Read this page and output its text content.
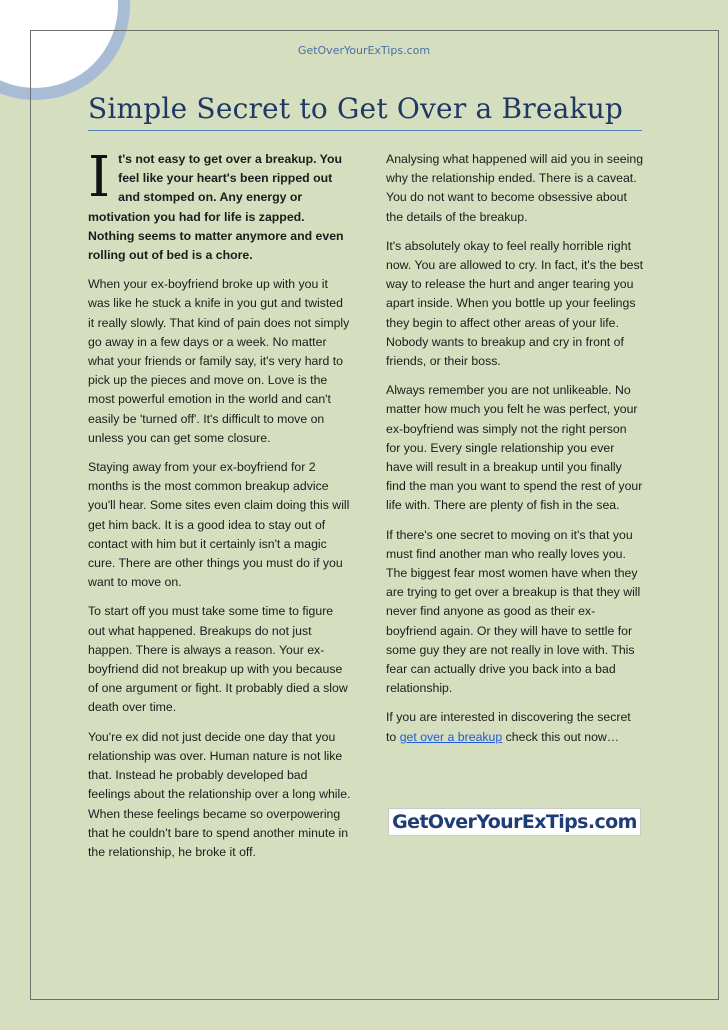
GetOverYourExTips.com
Simple Secret to Get Over a Breakup

I t's not easy to get over a breakup. You feel like your heart's been ripped out and stomped on. Any energy or motivation you had for life is zapped. Nothing seems to matter anymore and even rolling out of bed is a chore.

When your ex-boyfriend broke up with you it was like he stuck a knife in you gut and twisted it really slowly. That kind of pain does not simply go away in a few days or a week. No matter what your friends or family say, it's very hard to pick up the pieces and move on. Love is the most powerful emotion in the world and can't easily be 'turned off'. It's difficult to move on unless you can get some closure.

Staying away from your ex-boyfriend for 2 months is the most common breakup advice you'll hear. Some sites even claim doing this will get him back. It is a good idea to stay out of contact with him but it certainly isn't a magic cure. There are other things you must do if you want to move on.

To start off you must take some time to figure out what happened. Breakups do not just happen. There is always a reason. Your ex-boyfriend did not breakup up with you because of one argument or fight. It probably died a slow death over time.

You're ex did not just decide one day that you relationship was over. Human nature is not like that. Instead he probably developed bad feelings about the relationship over a long while. When these feelings became so overpowering that he couldn't bare to spend another minute in the relationship, he broke it off.

Analysing what happened will aid you in seeing why the relationship ended. There is a caveat. You do not want to become obsessive about the details of the breakup.

It's absolutely okay to feel really horrible right now. You are allowed to cry. In fact, it's the best way to release the hurt and anger tearing you apart inside. When you bottle up your feelings they begin to affect other areas of your life. Nobody wants to breakup and cry in front of friends, or their boss.

Always remember you are not unlikeable. No matter how much you felt he was perfect, your ex-boyfriend was simply not the right person for you. Every single relationship you ever have will result in a breakup until you finally find the man you want to spend the rest of your life with. There are plenty of fish in the sea.

If there's one secret to moving on it's that you must find another man who really loves you. The biggest fear most women have when they are trying to get over a breakup is that they will never find anyone as good as their ex-boyfriend again. Or they will have to settle for some guy they are not really in love with. This fear can actually drive you back into a bad relationship.

If you are interested in discovering the secret to get over a breakup check this out now…

GetOverYourExTips.com
